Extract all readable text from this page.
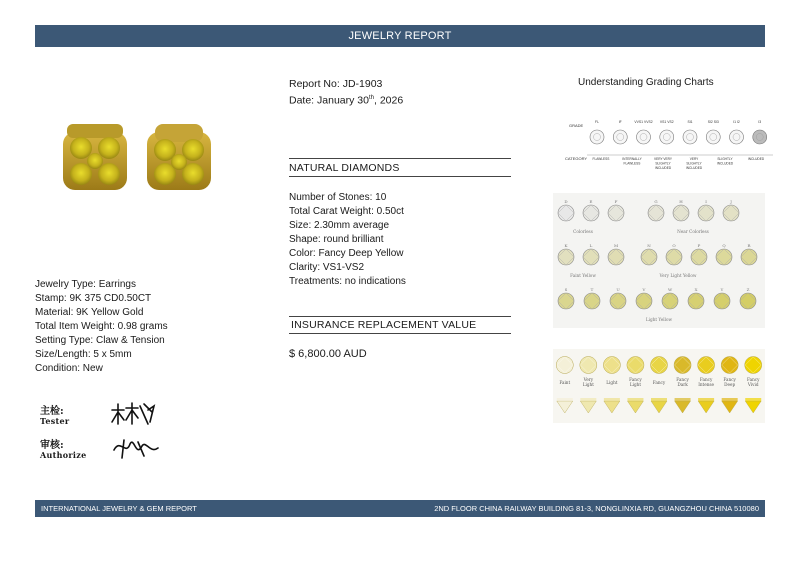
JEWELRY REPORT
Jewelry Type: Earrings
Stamp: 9K 375 CD0.50CT
Material: 9K Yellow Gold
Total Item Weight: 0.98 grams
Setting Type: Claw & Tension
Size/Length: 5 x 5mm
Condition: New
主检:
Tester
审核:
Authorize
Report No: JD-1903
Date: January 30th, 2026
NATURAL DIAMONDS
Number of Stones: 10
Total Carat Weight: 0.50ct
Size: 2.30mm average
Shape: round brilliant
Color: Fancy Deep Yellow
Clarity: VS1-VS2
Treatments: no indications
INSURANCE REPLACEMENT VALUE
$ 6,800.00 AUD
Understanding Grading Charts
GRADE
CATEGORY
FL	IF	VVS1 VVS2 VS1 VS2	SI1	SI2 SI3	I1 I2	I3
FLAWLESS	INTERNALLY
FLAWLESS
VERY VERY
SLIGHTLY
INCLUDED
VERY
SLIGHTLY
INCLUDED
SLIGHTLY
INCLUDED
INCLUDED
D	E	F	G	H	I	J
K	L	M	N	O	P	Q	R
S	T	U	V	W	X	Y	Z
Colorless	Near Colorless
Faint Yellow	Very Light Yellow
Light Yellow
Faint
Very
Light	Light
Fancy
Light	Fancy
Fancy
Dark
Fancy
Intense
Fancy
Deep
Fancy
Vivid
INTERNATIONAL JEWELRY & GEM REPORT	2ND FLOOR CHINA RAILWAY BUILDING 81-3, NONGLINXIA RD, GUANGZHOU CHINA 510080
